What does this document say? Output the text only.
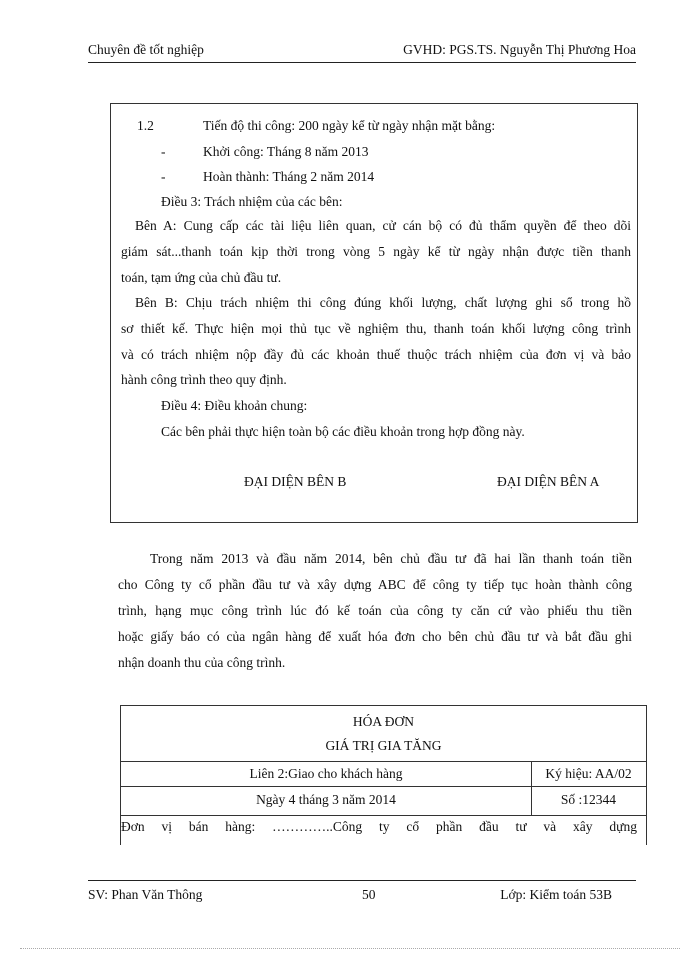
Chuyên đề tốt nghiệp	GVHD: PGS.TS. Nguyễn Thị Phương Hoa
1.2	Tiến độ thi công: 200 ngày kể từ ngày nhận mặt bằng:
-	Khởi công: Tháng 8 năm 2013
-	Hoàn thành: Tháng 2 năm 2014
Điều 3: Trách nhiệm của các bên:
Bên A: Cung cấp các tài liệu liên quan, cử cán bộ có đủ thẩm quyền để theo dõi
giám sát...thanh toán kịp thời trong vòng 5 ngày kể từ ngày nhận được tiền thanh
toán, tạm ứng của chủ đầu tư.
Bên B: Chịu trách nhiệm thi công đúng khối lượng, chất lượng ghi sổ trong hồ
sơ thiết kế. Thực hiện mọi thủ tục về nghiệm thu, thanh toán khối lượng công trình
và có trách nhiệm nộp đầy đủ các khoản thuế thuộc trách nhiệm của đơn vị và bảo
hành công trình theo quy định.
Điều 4: Điều khoản chung:
Các bên phải thực hiện toàn bộ các điều khoản trong hợp đồng này.
ĐẠI DIỆN BÊN B	ĐẠI DIỆN BÊN A
Trong năm 2013 và đầu năm 2014, bên chủ đầu tư đã hai lần thanh toán tiền
cho Công ty cổ phần đầu tư và xây dựng ABC để công ty tiếp tục hoàn thành công
trình, hạng mục công trình lúc đó kế toán của công ty căn cứ vào phiếu thu tiền
hoặc giấy báo có của ngân hàng để xuất hóa đơn cho bên chủ đầu tư và bắt đầu ghi
nhận doanh thu của công trình.
HÓA ĐƠN
GIÁ TRỊ GIA TĂNG
Liên 2:Giao cho khách hàng	Ký hiệu: AA/02
Ngày 4 tháng 3 năm 2014	Số :12344
Đơn vị bán hàng: …………..Công ty cổ phần đầu tư và xây dựng
SV: Phan Văn Thông	50	Lớp: Kiểm toán 53B
